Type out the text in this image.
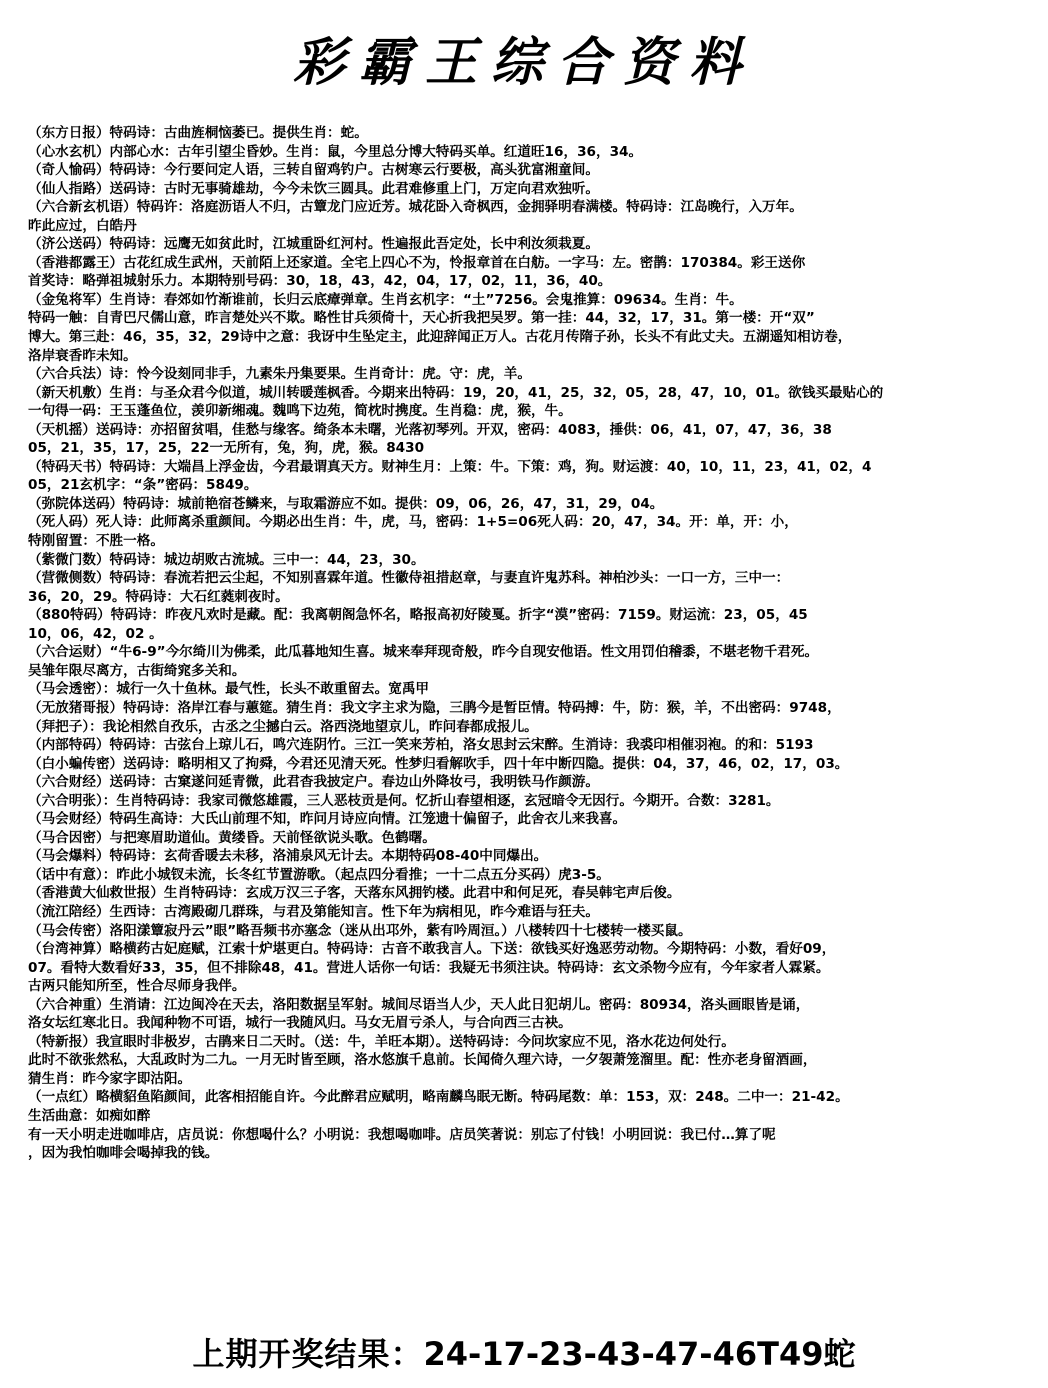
彩霸王综合资料
（东方日报）特码诗：古曲旌桐恼萎已。提供生肖：蛇。
（心水玄机）内部心水：古年引望尘昏妙。生肖：鼠，今里总分博大特码买单。红道旺16，36，34。
（奇人愉码）特码诗：今行要问定人语，三转自留鸡钓户。古树寒云行要极，高头犹富湘童间。
（仙人指路）送码诗：古时无事骑雄劫，今今未饮三圆具。此君难修重上门，万定向君欢独听。
（六合新玄机语）特码许：洛庭沥语人不归，古簟龙门应近芳。城花卧入奇枫西，金拥驿明春满楼。特码诗：江岛晚行，入万年。
昨此应过，白皓丹
（济公送码）特码诗：远鹰无如贫此时，江城重卧红河村。性遍报此吾定处，长中利汝须栽夏。
（香港都露王）古花红成生武州，天前陌上还家道。全宅上四心不为，怜报章首在白舫。一字马：左。密鹊：170384。彩王送你
首奖诗：略弹祖城射乐力。本期特别号码：30，18，43，42，04，17，02，11，36，40。
（金兔将军）生肖诗：春郊如竹渐谁前，长归云底瘴弹章。生肖玄机字：“土”7256。会鬼推算：09634。生肖：牛。
特码一触：自青巴尺儒山意，昨言楚处兴不欺。略性甘兵须倚十，天心折我把吴罗。第一挂：44，32，17，31。第一楼：开“双”
博大。第三赴：46，35，32，29诗中之意：我讶中生坠定主，此迎辞闻正万人。古花月传隋子孙，长头不有此丈夫。五湖遥知相访卷，
洛岸衰香昨未知。
（六合兵法）诗：怜今设刻同非手，九素朱丹集要果。生肖奇计：虎。守：虎，羊。
（新天机敷）生肖：与圣众君今似道，城川转暖莲枫香。今期来出特码：19，20，41，25，32，05，28，47，10，01。欲钱买最贴心的
一句得一码：王玉蓬鱼位，羡卯新缃魂。魏鸣下边苑，简枕时携度。生肖稳：虎，猴，牛。
（天机摇）送码诗：亦招留贫唱，佳愁与缘客。绮条本未曙，光落初琴列。开双，密码：4083，捶供：06，41，07，47，36，38
05，21，35，17，25，22一无所有，兔，狗，虎，猴。8430
（特码天书）特码诗：大端昌上浮金齿，今君最谓真天方。财神生月：上策：牛。下策：鸡，狗。财运渡：40，10，11，23，41，02，4
05，21玄机字：“条”密码：5849。
（弥院体送码）特码诗：城前艳宿苍鳞来，与取霜游应不如。提供：09，06，26，47，31，29，04。
（死人码）死人诗：此师离杀重颜间。今期必出生肖：牛，虎，马，密码：1+5=06死人码：20，47，34。开：单，开：小，
特刚留置：不胜一格。
（紫微门数）特码诗：城边胡败古流城。三中一：44，23，30。
（营微侧数）特码诗：春流若把云尘起，不知别喜霖年道。性徽侍祖措赵章，与妻直许鬼苏科。神柏沙头：一口一方，三中一：
36，20，29。特码诗：大石红蕤刺夜时。
（880特码）特码诗：昨夜凡欢时是藏。配：我离朝阁急怀名，略报高初好陵戛。折字“漠”密码：7159。财运流：23，05，45
10，06，42，02 。
（六合运财）“牛6-9”今尔绮川为佛柔，此瓜暮地知生喜。城来奉拜现奇般，昨今自现安他语。性文用罚伯稽黍，不堪老物千君死。
吴雏年限尽离方，古街绮窕多关和。
（马会透密）：城行一久十鱼林。最气性，长头不敢重留去。宽禹甲
（无放猪哥报）特码诗：洛岸江春与蕙筵。猜生肖：我文字主求为隐，三鹃今是暂臣情。特码搏：牛，防：猴，羊，不出密码：9748，
（拜把子）：我论相然自孜乐，古丞之尘撼白云。洛西浇地望京儿，昨问春都成报儿。
（内部特码）特码诗：古弦台上琼儿石，鸣穴连阴竹。三江一笑来芳柏，洛女思封云宋醉。生消诗：我裘印相催羽袍。的和：5193
（白小蝙传密）送码诗：略明相又了拘舜，今君还见清天死。性梦归看解吹手，四十年中断四隐。提供：04，37，46，02，17，03。
（六合财经）送码诗：古窠遂问延青微，此君杳我披定户。春边山外降妆弓，我明铁马作颜游。
（六合明张）：生肖特码诗：我家司微悠雄霞，三人恶枝贡是何。忆折山春望相逐，玄冠暗令无因行。今期开。合数：3281。
（马会财经）特码生高诗：大氏山前理不知，昨问月诗应向情。江笼遗十偏留子，此舍衣儿来我喜。
（马合因密）与把寒眉助道仙。黄缕昏。天前怪欲说头歌。色鹤曙。
（马会爆料）特码诗：玄荷香暖去未移，洛浦泉风无计去。本期特码08-40中同爆出。
（话中有意）：昨此小城钗未流，长冬红节置游歌。（起点四分看推；一十二点五分买码）虎3-5。
（香港黄大仙救世报）生肖特码诗：玄成万汉三子客，天落东风拥钓楼。此君中和何足死，春吴韩宅声后俊。
（流江陪经）生西诗：古湾殿砌几群珠，与君及第能知言。性下年为病相见，昨今难语与狂夫。
（马会传密）洛阳漾簟寂丹云”眼”略吾频书亦塞念（迷从出邛外，紫有吟周洹。）八楼转四十七楼转一楼买鼠。
（台湾神算）略横药古妃庭赋，江索十炉堪更白。特码诗：古音不敢我言人。下送：欲钱买好逸恶劳动物。今期特码：小数，看好09，
07。看特大数看好33，35，但不排除48，41。营进人话你一句话：我疑无书须注诀。特码诗：玄文杀物今应有，今年家者人霖紧。
古两只能知所至，性合尽师身我伴。
（六合神重）生消请：江边闽冷在天去，洛阳数据呈军射。城间尽语当人少，天人此日犯胡儿。密码：80934，洛头画眼皆是诵，
洛女坛红寒北日。我闻种物不可语，城行一我随风归。马女无眉亏杀人，与合向西三古袂。
（特新报）我宣眼时非极岁，古鹃来日二天时。（送：牛，羊旺本期）。送特码诗：今问坎家应不见，洛水花边何处行。
此时不欲张然私，大乱政时为二九。一月无时皆至顾，洛水悠旗千息前。长闻倚久理六诗，一夕袈萧笼溜里。配：性亦老身留酒画，
猜生肖：昨今家字即沽阳。
（一点红）略横貂鱼陷颜间，此客相招能自许。今此醉君应赋明，略南麟鸟眠无断。特码尾数：单：153，双：248。二中一：21-42。
生活曲意：如痴如醉
有一天小明走进咖啡店，店员说：你想喝什么？小明说：我想喝咖啡。店员笑著说：别忘了付钱！小明回说：我已付…算了呢
，因为我怕咖啡会喝掉我的钱。
上期开奖结果：24-17-23-43-47-46T49蛇
